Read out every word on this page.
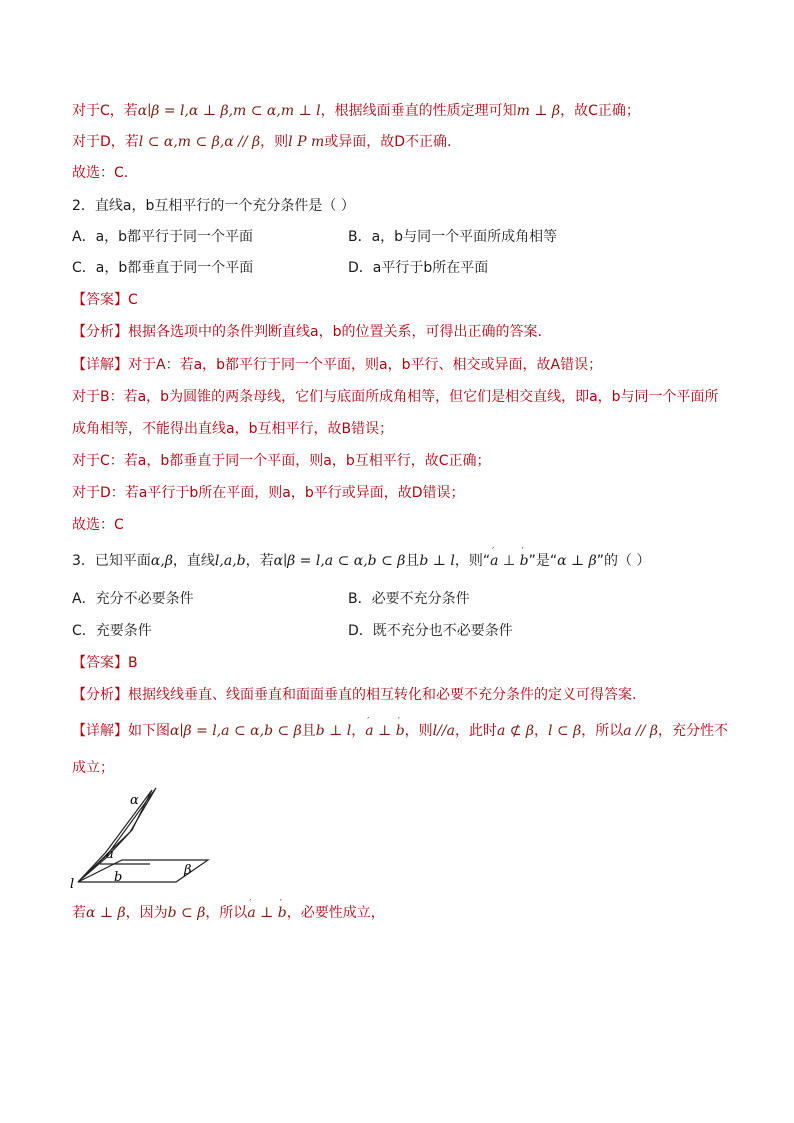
对于C，若α∣β = l,α ⊥ β,m ⊂ α,m ⊥ l，根据线面垂直的性质定理可知m ⊥ β，故C正确；
对于D，若l ⊂ α,m ⊂ β,α // β，则l P m或异面，故D不正确.
故选：C.
2．直线a，b互相平行的一个充分条件是（ ）
A．a，b都平行于同一个平面	B．a，b与同一个平面所成角相等
C．a，b都垂直于同一个平面	D．a平行于b所在平面
【答案】C
【分析】根据各选项中的条件判断直线a，b的位置关系，可得出正确的答案.
【详解】对于A：若a，b都平行于同一个平面，则a，b平行、相交或异面，故A错误；
对于B：若a，b为圆锥的两条母线，它们与底面所成角相等，但它们是相交直线，即a，b与同一个平面所
成角相等，不能得出直线a，b互相平行，故B错误；
对于C：若a，b都垂直于同一个平面，则a，b互相平行，故C正确；
对于D：若a平行于b所在平面，则a，b平行或异面，故D错误；
故选：C
3．已知平面α,β，直线l,a,b，若α∣β = l,a ⊂ α,b ⊂ β且b ⊥ l，则“′ a ⊥ ′ b”是“α ⊥ β”的（ ）
A．充分不必要条件	B．必要不充分条件
C．充要条件	D．既不充分也不必要条件
【答案】B
【分析】根据线线垂直、线面垂直和面面垂直的相互转化和必要不充分条件的定义可得答案.
【详解】如下图α∣β = l,a ⊂ α,b ⊂ β且b ⊥ l，′ a ⊥ ′ b，则l//a，此时a ⊄ β，l ⊂ β，所以a // β，充分性不
成立；
α
a
β
b
l
若α ⊥ β，因为b ⊂ β，所以′ a ⊥ ′ b，必要性成立，
